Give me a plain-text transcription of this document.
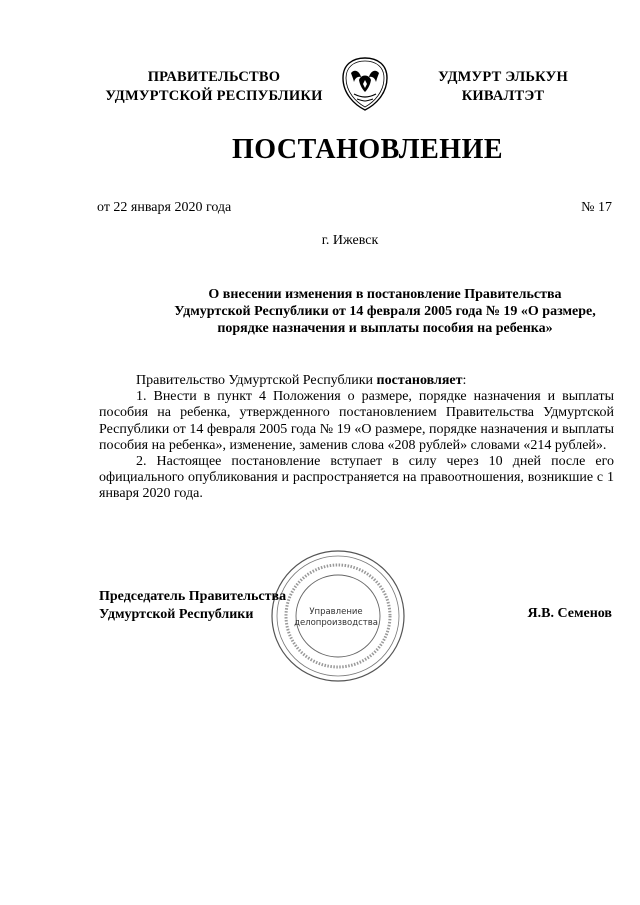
ПРАВИТЕЛЬСТВО
УДМУРТСКОЙ РЕСПУБЛИКИ
УДМУРТ ЭЛЬКУН
КИВАЛТЭТ
ПОСТАНОВЛЕНИЕ
от 22 января 2020 года	№ 17
г. Ижевск
О внесении изменения в постановление Правительства
Удмуртской Республики от 14 февраля 2005 года № 19 «О размере,
порядке назначения и выплаты пособия на ребенка»

Правительство Удмуртской Республики постановляет:

1. Внести в пункт 4 Положения о размере, порядке назначения и выплаты пособия на ребенка, утвержденного постановлением Правительства Удмуртской Республики от 14 февраля 2005 года № 19 «О размере, порядке назначения и выплаты пособия на ребенка», изменение, заменив слова «208 рублей» словами «214 рублей».

2. Настоящее постановление вступает в силу через 10 дней после его официального опубликования и распространяется на правоотношения, возникшие с 1 января 2020 года.

Управление
делопроизводства
Председатель Правительства
Удмуртской Республики	Я.В. Семенов
